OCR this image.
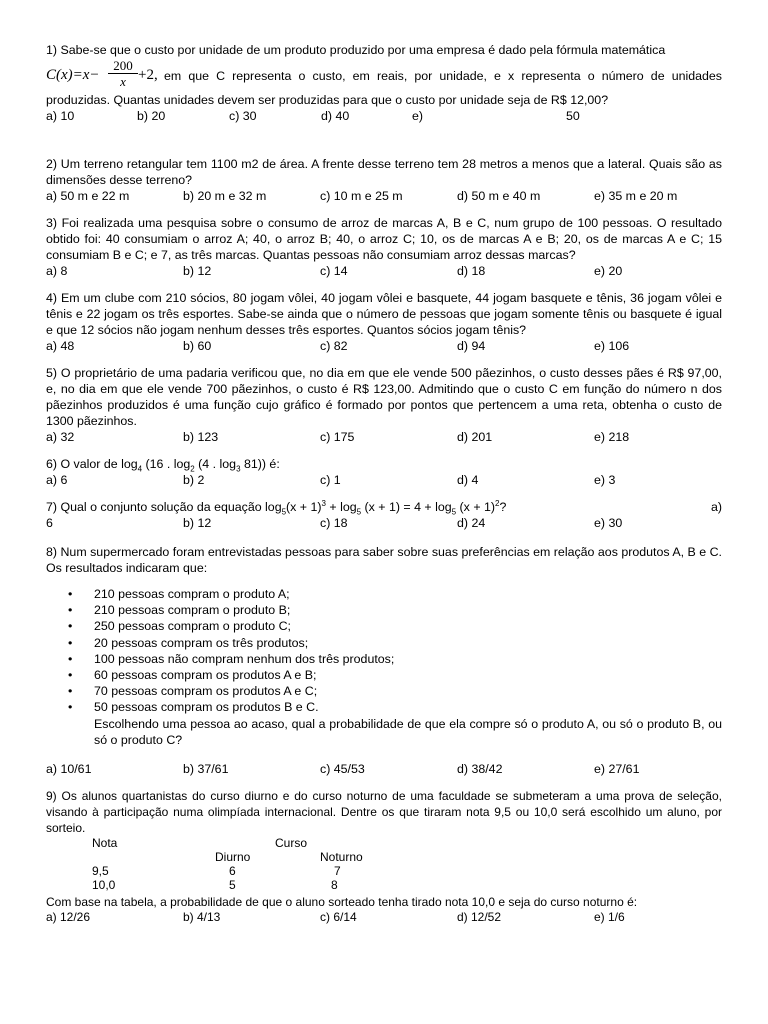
1) Sabe-se que o custo por unidade de um produto produzido por uma empresa é dado pela fórmula matemática

$C(x)=x- \frac{200}{x} +2$, em que C representa o custo, em reais, por unidade, e x representa o número de unidades

produzidas. Quantas unidades devem ser produzidas para que o custo por unidade seja de R$ 12,00?

a) 10	b) 20	c) 30	d) 40	e)	50

2) Um terreno retangular tem 1100 m2 de área. A frente desse terreno tem 28 metros a menos que a lateral. Quais são as dimensões desse terreno?

a) 50 m e 22 m	b) 20 m e 32 m	c) 10 m e 25 m	d) 50 m e 40 m	e) 35 m e 20 m

3) Foi realizada uma pesquisa sobre o consumo de arroz de marcas A, B e C, num grupo de 100 pessoas. O resultado obtido foi: 40 consumiam o arroz A; 40, o arroz B; 40, o arroz C; 10, os de marcas A e B; 20, os de marcas A e C; 15 consumiam B e C; e 7, as três marcas. Quantas pessoas não consumiam arroz dessas marcas?

a) 8	b) 12	c) 14	d) 18	e) 20

4) Em um clube com 210 sócios, 80 jogam vôlei, 40 jogam vôlei e basquete, 44 jogam basquete e tênis, 36 jogam vôlei e tênis e 22 jogam os três esportes. Sabe-se ainda que o número de pessoas que jogam somente tênis ou basquete é igual e que 12 sócios não jogam nenhum desses três esportes. Quantos sócios jogam tênis?

a) 48	b) 60	c) 82	d) 94	e) 106

5) O proprietário de uma padaria verificou que, no dia em que ele vende 500 pãezinhos, o custo desses pães é R$ 97,00, e, no dia em que ele vende 700 pãezinhos, o custo é R$ 123,00. Admitindo que o custo C em função do número n dos pãezinhos produzidos é uma função cujo gráfico é formado por pontos que pertencem a uma reta, obtenha o custo de 1300 pãezinhos.

a) 32	b) 123	c) 175	d) 201	e) 218

6) O valor de $\log_4 (16$ . $\log_2 (4$ . $\log_3 81$)) é:

a) 6	b) 2	c) 1	d) 4	e) 3
7) Qual o conjunto solução da equação $\log_5(x + 1)^3 + \log_5 (x + 1) = 4 + \log_5 (x + 1)^2$?	a)
6	b) 12	c) 18	d) 24	e) 30

8) Num supermercado foram entrevistadas pessoas para saber sobre suas preferências em relação aos produtos A, B e C. Os resultados indicaram que:

• 210 pessoas compram o produto A;
• 210 pessoas compram o produto B;
• 250 pessoas compram o produto C;
• 20 pessoas compram os três produtos;
• 100 pessoas não compram nenhum dos três produtos;
• 60 pessoas compram os produtos A e B;
• 70 pessoas compram os produtos A e C;
• 50 pessoas compram os produtos B e C.

Escolhendo uma pessoa ao acaso, qual a probabilidade de que ela compre só o produto A, ou só o produto B, ou só o produto C?

a) 10/61	b) 37/61	c) 45/53	d) 38/42	e) 27/61

9) Os alunos quartanistas do curso diurno e do curso noturno de uma faculdade se submeteram a uma prova de seleção, visando à participação numa olimpíada internacional. Dentre os que tiraram nota 9,5 ou 10,0 será escolhido um aluno, por sorteio.

Nota	Curso
Diurno	Noturno
9,5	6	7
10,0	5	8

Com base na tabela, a probabilidade de que o aluno sorteado tenha tirado nota 10,0 e seja do curso noturno é:

a) 12/26	b) 4/13	c) 6/14	d) 12/52	e) 1/6
